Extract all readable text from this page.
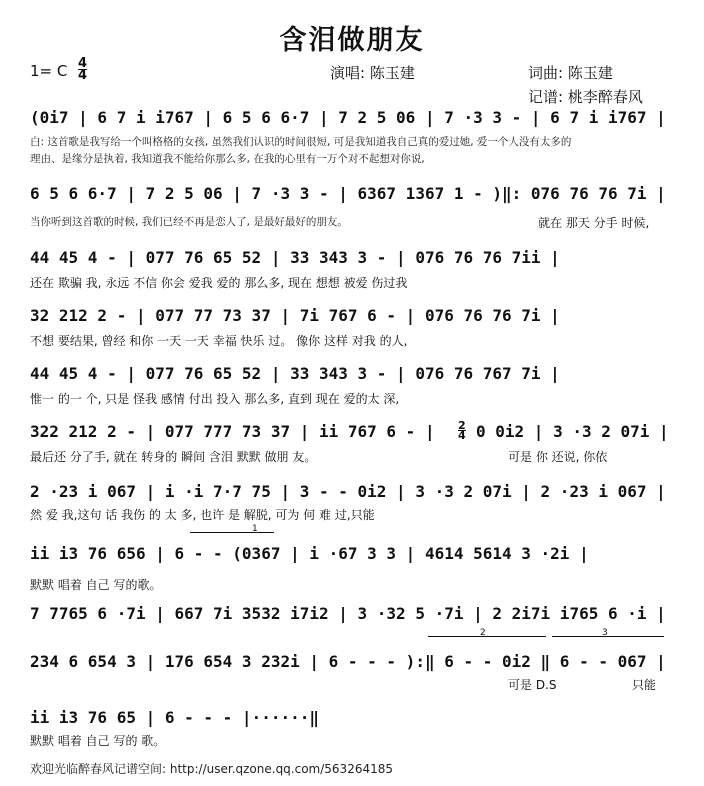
含泪做朋友
1= C $\frac{4}{4}$	演唱: 陈玉建	词曲: 陈玉建
记谱: 桃李醉春风
(0i7 | 6 7 i i767 | 6 5 6 6·7 | 7 2 5 06 | 7 ·3 3 - | 6 7 i i767 |
白: 这首歌是我写给一个叫格格的女孩, 虽然我们认识的时间很短, 可是我知道我自己真的爱过她, 爱一个人没有太多的
理由、是缘分是执着, 我知道我不能给你那么多, 在我的心里有一万个对不起想对你说,
6 5 6 6·7 | 7 2 5 06 | 7 ·3 3 - | 6367 1367 1 - )‖: 076 76 76 7i |
当你听到这首歌的时候, 我们已经不再是恋人了, 是最好最好的朋友。	就在 那天 分手 时候,
44 45 4 - | 077 76 65 52 | 33 343 3 - | 076 76 76 7ii |
还在 欺骗 我, 永远 不信 你会 爱我 爱的 那么多, 现在 想想 被爱 伤过我
32 212 2 - | 077 77 73 37 | 7i 767 6 - | 076 76 76 7i |
不想 要结果, 曾经 和你 一天 一天 幸福 快乐 过。 像你 这样 对我 的人,
44 45 4 - | 077 76 65 52 | 33 343 3 - | 076 76 767 7i |
惟一 的一 个, 只是 怪我 感情 付出 投入 那么多, 直到 现在 爱的太 深,
322 212 2 - | 077 777 73 37 | ii 767 6 - | $\frac{2}{4} 0$ 0i2 | 3 ·3 2 07i |
最后还 分了手, 就在 转身的 瞬间 含泪 默默 做朋 友。	可是 你 还说, 你依
2 ·23 i 067 | i ·i 7·7 75 | 3 - - 0i2 | 3 ·3 2 07i | 2 ·23 i 067 |
然 爱 我,这句 话 我伤 的 太 多, 也许 是 解脱, 可为 何 难 过,只能
1
ii i3 76 656 | 6 - - (0367 | i ·67 3 3 | 4614 5614 3 ·2i |
默默 唱着 自己 写的歌。
7 7765 6 ·7i | 667 7i 3532 i7i2 | 3 ·32 5 ·7i | 2 2i7i i765 6 ·i |
2	3
234 6 654 3 | 176 654 3 232i | 6 - - - ):‖ 6 - - 0i2 ‖ 6 - - 067 |
可是 D.S	只能
ii i3 76 65 | 6 - - - |······‖
默默 唱着 自己 写的 歌。
欢迎光临醉春风记谱空间: http://user.qzone.qq.com/563264185
